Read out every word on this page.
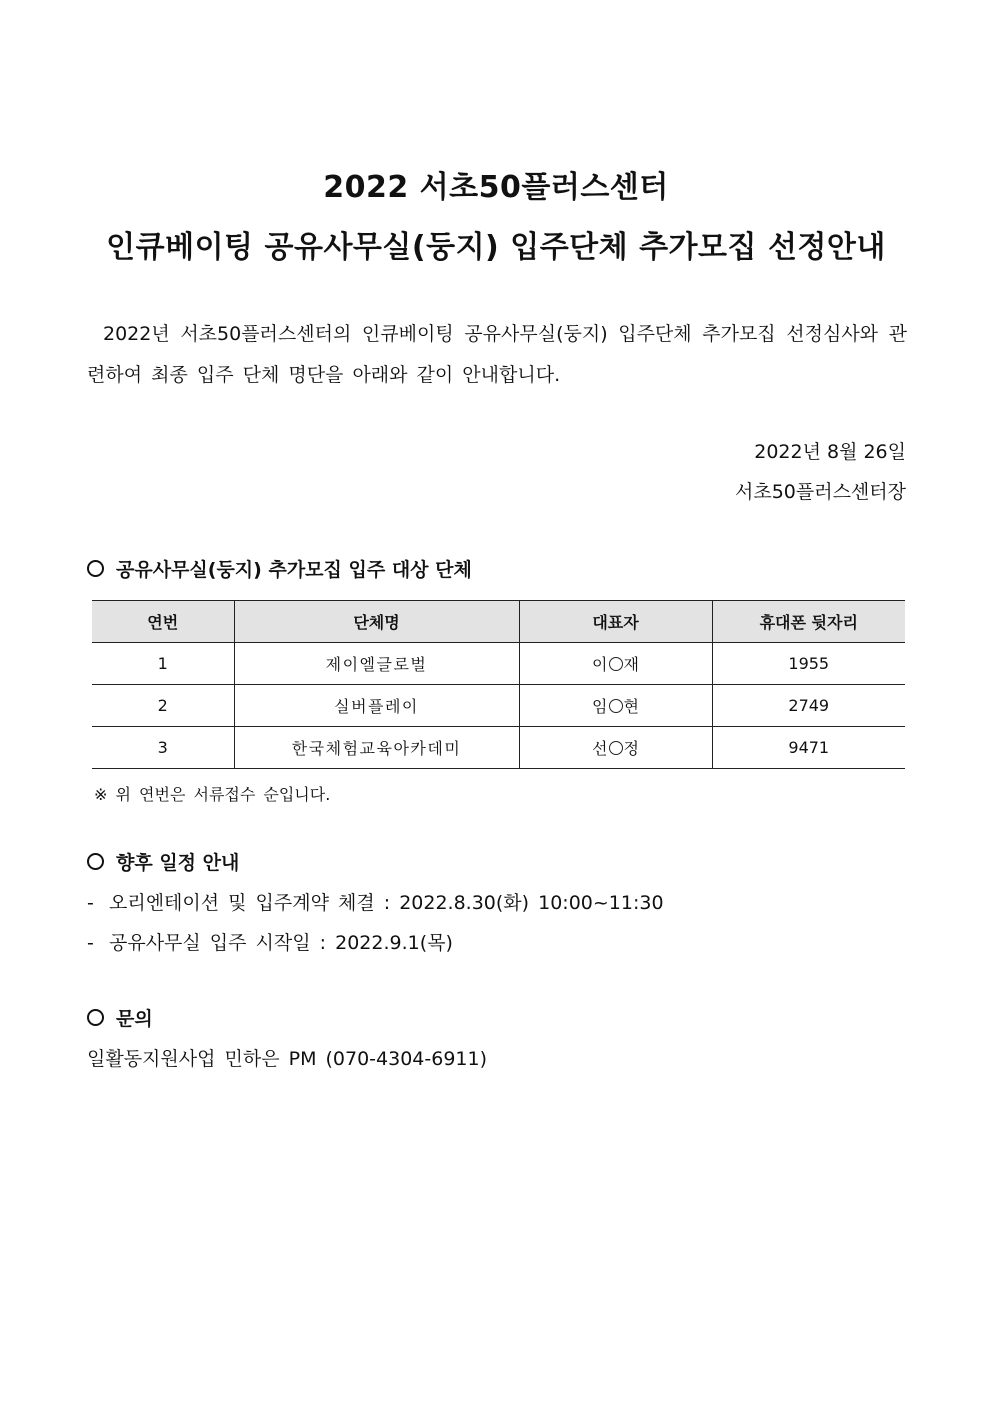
2022 서초50플러스센터
인큐베이팅 공유사무실(둥지) 입주단체 추가모집 선정안내
2022년 서초50플러스센터의 인큐베이팅 공유사무실(둥지) 입주단체 추가모집 선정심사와 관련하여 최종 입주 단체 명단을 아래와 같이 안내합니다.
2022년 8월 26일
서초50플러스센터장
공유사무실(둥지) 추가모집 입주 대상 단체
연번	단체명	대표자	휴대폰 뒷자리
1	제이엘글로벌	이 재	1955
2	실버플레이	임 현	2749
3	한국체험교육아카데미	선 정	9471
※ 위 연번은 서류접수 순입니다.
향후 일정 안내
- 오리엔테이션 및 입주계약 체결 : 2022.8.30(화) 10:00~11:30
- 공유사무실 입주 시작일 : 2022.9.1(목)
문의
일활동지원사업 민하은 PM (070-4304-6911)
